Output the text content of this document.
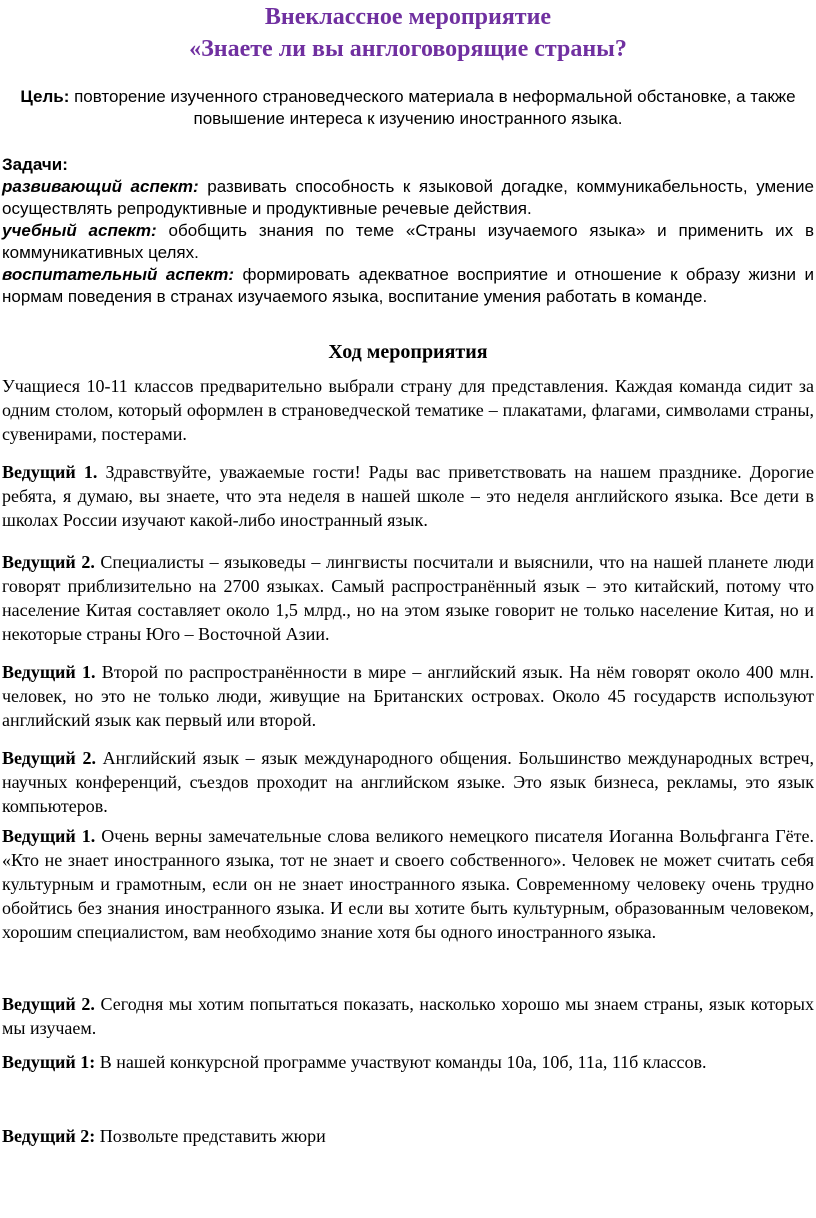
Внеклассное мероприятие
«Знаете ли вы англоговорящие страны?

Цель: повторение изученного страноведческого материала в неформальной обстановке, а также повышение интереса к изучению иностранного языка.

Задачи:

развивающий аспект: развивать способность к языковой догадке, коммуникабельность, умение осуществлять репродуктивные и продуктивные речевые действия.

учебный аспект: обобщить знания по теме «Страны изучаемого языка» и применить их в коммуникативных целях.

воспитательный аспект: формировать адекватное восприятие и отношение к образу жизни и нормам поведения в странах изучаемого языка, воспитание умения работать в команде.

Ход мероприятия

Учащиеся 10-11 классов предварительно выбрали страну для представления. Каждая команда сидит за одним столом, который оформлен в страноведческой тематике – плакатами, флагами, символами страны, сувенирами, постерами.

Ведущий 1. Здравствуйте, уважаемые гости! Рады вас приветствовать на нашем празднике. Дорогие ребята, я думаю, вы знаете, что эта неделя в нашей школе – это неделя английского языка. Все дети в школах России изучают какой-либо иностранный язык.

Ведущий 2. Специалисты – языковеды – лингвисты посчитали и выяснили, что на нашей планете люди говорят приблизительно на 2700 языках. Самый распространённый язык – это китайский, потому что население Китая составляет около 1,5 млрд., но на этом языке говорит не только население Китая, но и некоторые страны Юго – Восточной Азии.

Ведущий 1. Второй по распространённости в мире – английский язык. На нём говорят около 400 млн. человек, но это не только люди, живущие на Британских островах. Около 45 государств используют английский язык как первый или второй.

Ведущий 2. Английский язык – язык международного общения. Большинство международных встреч, научных конференций, съездов проходит на английском языке. Это язык бизнеса, рекламы, это язык компьютеров.

Ведущий 1. Очень верны замечательные слова великого немецкого писателя Иоганна Вольфганга Гёте. «Кто не знает иностранного языка, тот не знает и своего собственного». Человек не может считать себя культурным и грамотным, если он не знает иностранного языка. Современному человеку очень трудно обойтись без знания иностранного языка. И если вы хотите быть культурным, образованным человеком, хорошим специалистом, вам необходимо знание хотя бы одного иностранного языка.

Ведущий 2. Сегодня мы хотим попытаться показать, насколько хорошо мы знаем страны, язык которых мы изучаем.

Ведущий 1: В нашей конкурсной программе участвуют команды 10а, 10б, 11а, 11б классов.

Ведущий 2: Позвольте представить жюри
